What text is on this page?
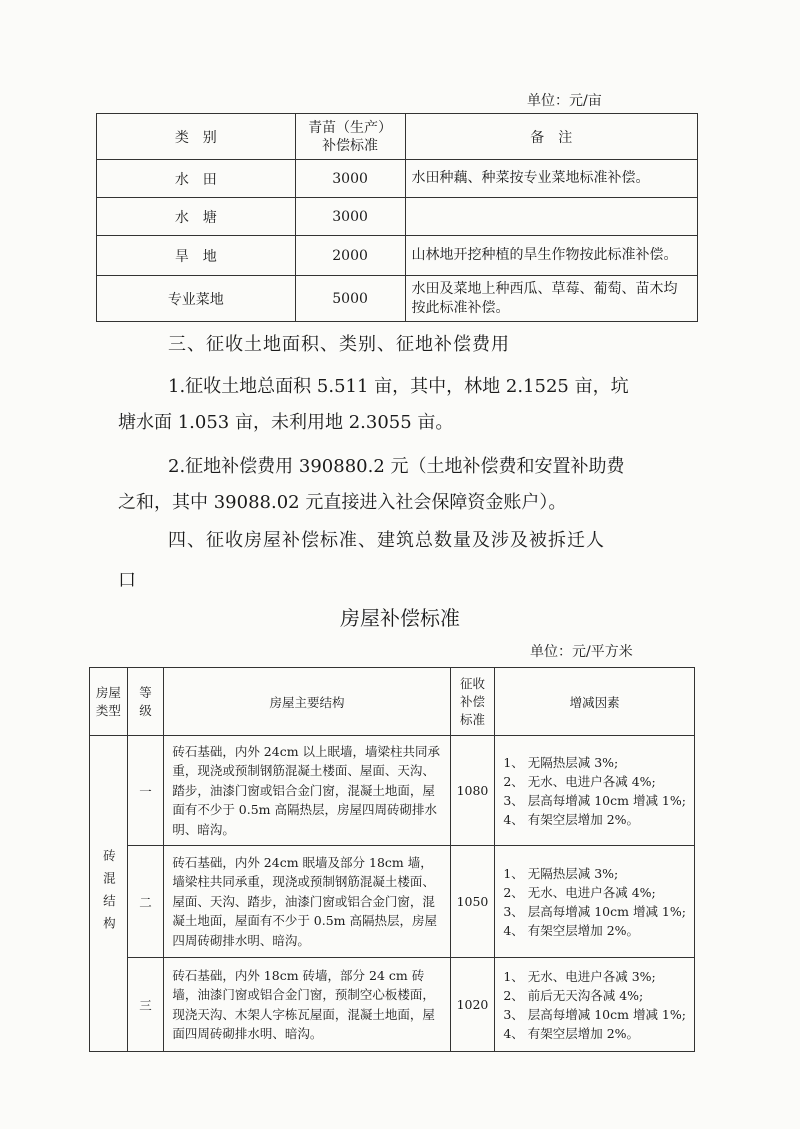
单位：元/亩
类　别	青苗（生产）补偿标准	备　注
水　田	3000	水田种藕、种菜按专业菜地标准补偿。
水　塘	3000	
旱　地	2000	山林地开挖种植的旱生作物按此标准补偿。
专业菜地	5000	水田及菜地上种西瓜、草莓、葡萄、苗木均按此标准补偿。
三、征收土地面积、类别、征地补偿费用
1.征收土地总面积 5.511 亩，其中，林地 2.1525 亩，坑
塘水面 1.053 亩，未利用地 2.3055 亩。
2.征地补偿费用 390880.2 元（土地补偿费和安置补助费
之和，其中 39088.02 元直接进入社会保障资金账户）。
四、征收房屋补偿标准、建筑总数量及涉及被拆迁人
口
房屋补偿标准
单位：元/平方米
房屋类型	等级	房屋主要结构	征收补偿标准	增减因素

砖混结构	一	砖石基础，内外 24cm 以上眠墙，墙梁柱共同承重，现浇或预制钢筋混凝土楼面、屋面、天沟、踏步，油漆门窗或铝合金门窗，混凝土地面，屋面有不少于 0.5m 高隔热层，房屋四周砖砌排水明、暗沟。	1080	1、 无隔热层减 3%;
2、 无水、电进户各减 4%;
3、 层高每增减 10cm 增减 1%;
4、 有架空层增加 2%。

	二	砖石基础，内外 24cm 眠墙及部分 18cm 墙，墙梁柱共同承重，现浇或预制钢筋混凝土楼面、屋面、天沟、踏步，油漆门窗或铝合金门窗，混凝土地面，屋面有不少于 0.5m 高隔热层，房屋四周砖砌排水明、暗沟。	1050	1、 无隔热层减 3%;
2、 无水、电进户各减 4%;
3、 层高每增减 10cm 增减 1%;
4、 有架空层增加 2%。

	三	砖石基础，内外 18cm 砖墙，部分 24 cm 砖墙，油漆门窗或铝合金门窗，预制空心板楼面，现浇天沟、木架人字栋瓦屋面，混凝土地面，屋面四周砖砌排水明、暗沟。	1020	1、 无水、电进户各减 3%;
2、 前后无天沟各减 4%;
3、 层高每增减 10cm 增减 1%;
4、 有架空层增加 2%。
